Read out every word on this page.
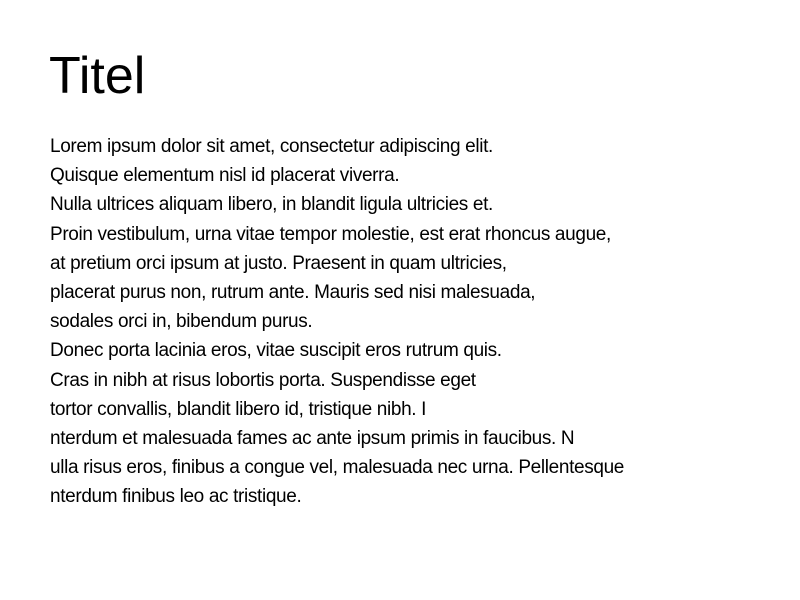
Titel
Lorem ipsum dolor sit amet, consectetur adipiscing elit.
Quisque elementum nisl id placerat viverra.
Nulla ultrices aliquam libero, in blandit ligula ultricies et.
Proin vestibulum, urna vitae tempor molestie, est erat rhoncus augue,
at pretium orci ipsum at justo. Praesent in quam ultricies,
placerat purus non, rutrum ante. Mauris sed nisi malesuada,
sodales orci in, bibendum purus.
Donec porta lacinia eros, vitae suscipit eros rutrum quis.
Cras in nibh at risus lobortis porta. Suspendisse eget
tortor convallis, blandit libero id, tristique nibh. I
nterdum et malesuada fames ac ante ipsum primis in faucibus. N
ulla risus eros, finibus a congue vel, malesuada nec urna. Pellentesque
nterdum finibus leo ac tristique.
